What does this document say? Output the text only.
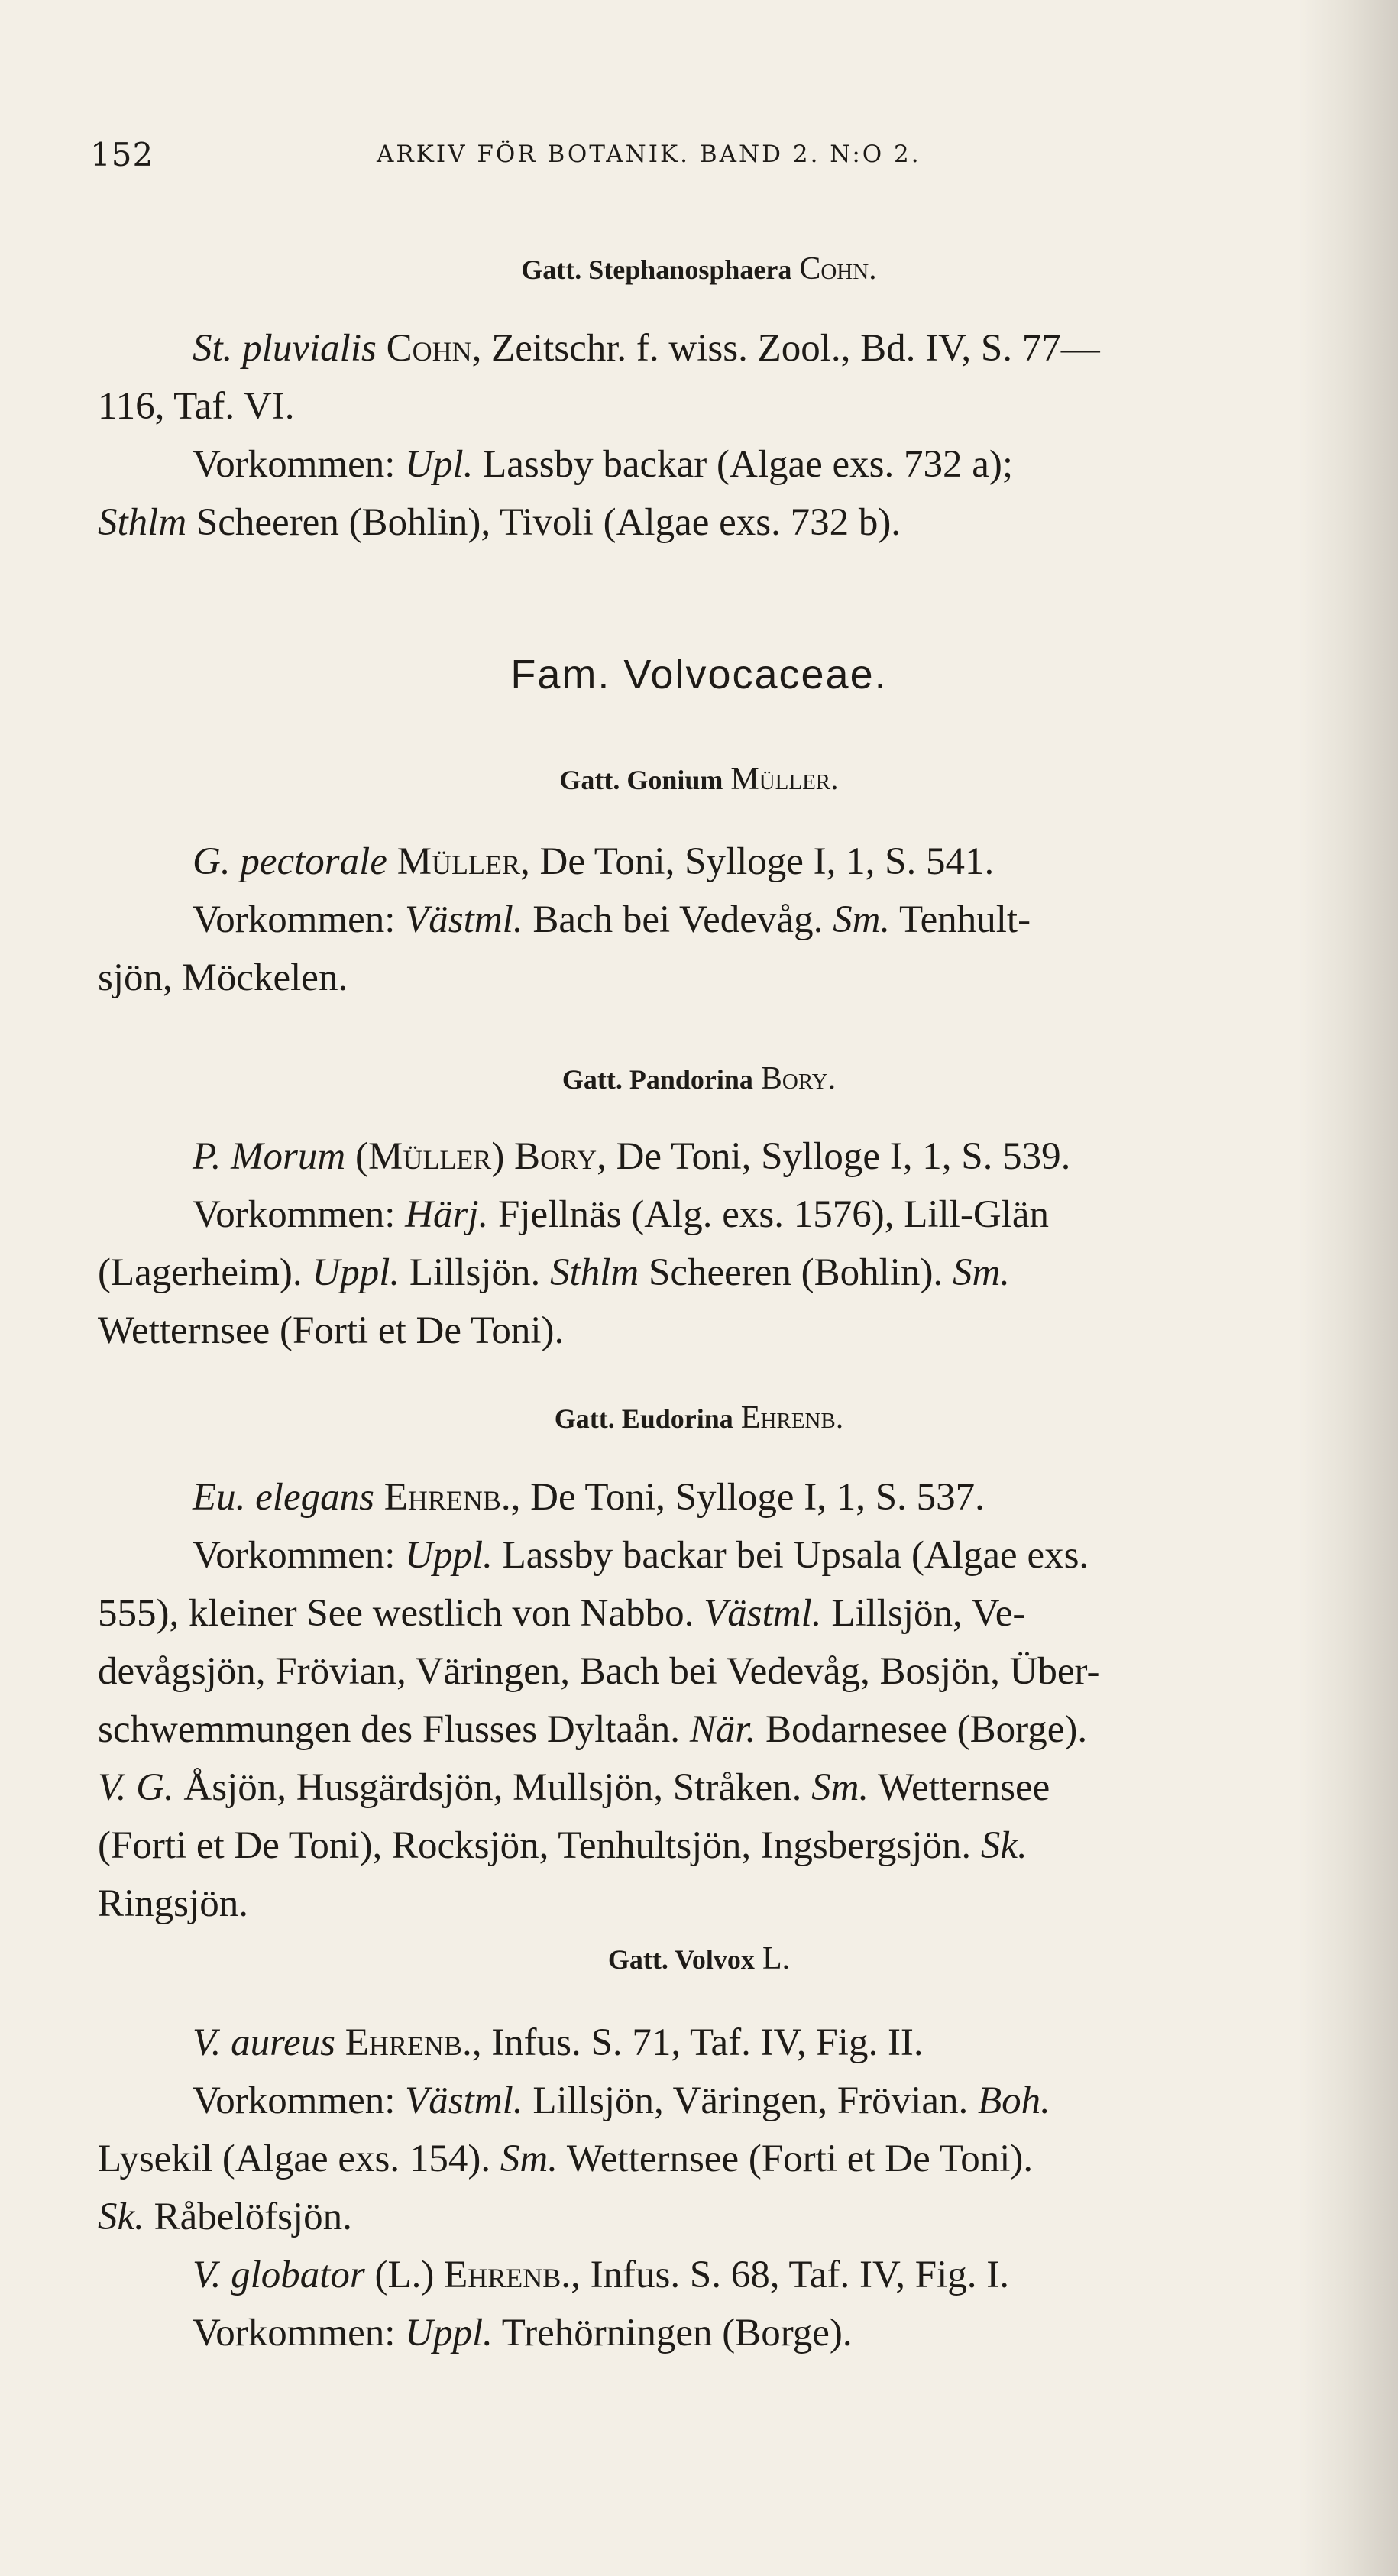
152	ARKIV FÖR BOTANIK. BAND 2. N:O 2.
Gatt. Stephanosphaera Cohn.
St. pluvialis Cohn, Zeitschr. f. wiss. Zool., Bd. IV, S. 77—
116, Taf. VI.
Vorkommen: Upl. Lassby backar (Algae exs. 732 a);
Sthlm Scheeren (Bohlin), Tivoli (Algae exs. 732 b).
Fam. Volvocaceae.
Gatt. Gonium Müller.
G. pectorale Müller, De Toni, Sylloge I, 1, S. 541.
Vorkommen: Västml. Bach bei Vedevåg. Sm. Tenhult-
sjön, Möckelen.
Gatt. Pandorina Bory.
P. Morum (Müller) Bory, De Toni, Sylloge I, 1, S. 539.
Vorkommen: Härj. Fjellnäs (Alg. exs. 1576), Lill-Glän
(Lagerheim). Uppl. Lillsjön. Sthlm Scheeren (Bohlin). Sm.
Wetternsee (Forti et De Toni).
Gatt. Eudorina Ehrenb.
Eu. elegans Ehrenb., De Toni, Sylloge I, 1, S. 537.
Vorkommen: Uppl. Lassby backar bei Upsala (Algae exs.
555), kleiner See westlich von Nabbo. Västml. Lillsjön, Ve-
devågsjön, Frövian, Väringen, Bach bei Vedevåg, Bosjön, Über-
schwemmungen des Flusses Dyltaån. När. Bodarnesee (Borge).
V. G. Åsjön, Husgärdsjön, Mullsjön, Stråken. Sm. Wetternsee
(Forti et De Toni), Rocksjön, Tenhultsjön, Ingsbergsjön. Sk.
Ringsjön.
Gatt. Volvox L.
V. aureus Ehrenb., Infus. S. 71, Taf. IV, Fig. II.
Vorkommen: Västml. Lillsjön, Väringen, Frövian. Boh.
Lysekil (Algae exs. 154). Sm. Wetternsee (Forti et De Toni).
Sk. Råbelöfsjön.
V. globator (L.) Ehrenb., Infus. S. 68, Taf. IV, Fig. I.
Vorkommen: Uppl. Trehörningen (Borge).
